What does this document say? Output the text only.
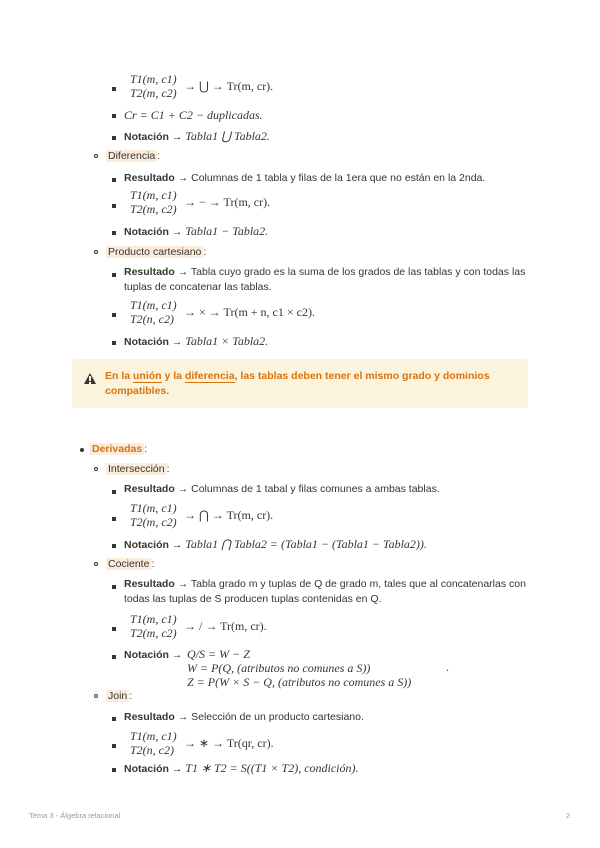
T1(m, c1)
T2(m, c2) → ⋃ → Tr(m, cr).
Cr = C1 + C2 − duplicadas.
Notación → Tabla1 ⋃ Tabla2.
Diferencia :
Resultado → Columnas de 1 tabla y filas de la 1era que no están en la 2nda.
T1(m, c1)
T2(m, c2) → − → Tr(m, cr).
Notación → Tabla1 − Tabla2.
Producto cartesiano :
Resultado → Tabla cuyo grado es la suma de los grados de las tablas y con todas las
tuplas de concatenar las tablas.
T1(m, c1)
T2(n, c2) → × → Tr(m + n, c1 × c2).
Notación → Tabla1 × Tabla2.
En la unión y la diferencia, las tablas deben tener el mismo grado y dominios compatibles.
Derivadas :
Intersección :
Resultado → Columnas de 1 tabal y filas comunes a ambas tablas.
T1(m, c1)
T2(m, c2) → ⋂ → Tr(m, cr).
Notación → Tabla1 ⋂ Tabla2 = (Tabla1 − (Tabla1 − Tabla2)).
Cociente :
Resultado → Tabla grado m y tuplas de Q de grado m, tales que al concatenarlas con
todas las tuplas de S producen tuplas contenidas en Q.
T1(m, c1)
T2(m, c2) → / → Tr(m, cr).
Notación → Q/S = W − Z
W = P(Q, (atributos no comunes a S))
Z = P(W × S − Q, (atributos no comunes a S))
.
Join :
Resultado → Selección de un producto cartesiano.
T1(m, c1)
T2(n, c2) → ∗ → Tr(qr, cr).
Notación → T1 ∗ T2 = S((T1 × T2), condición).
Tema 3 - Álgebra relacional	2
